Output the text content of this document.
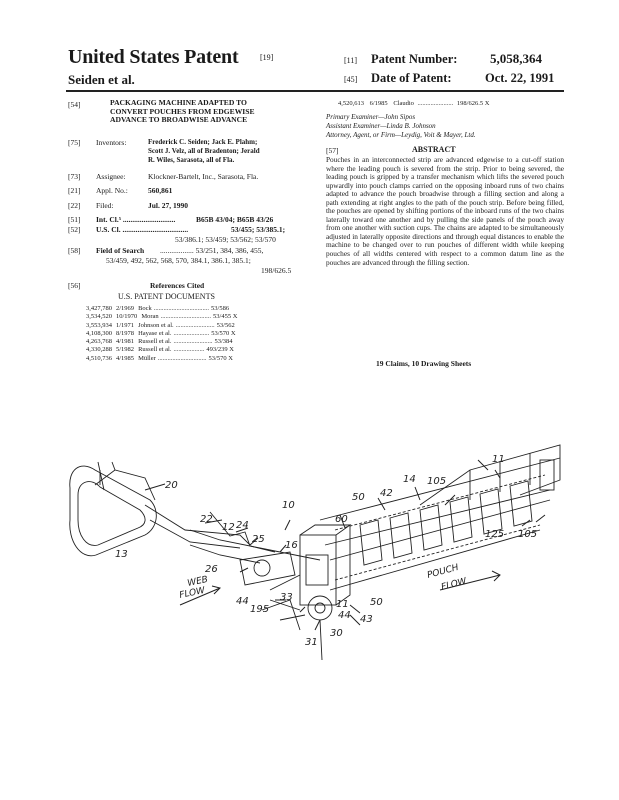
United States Patent	[19]
Seiden et al.
[11] Patent Number:	5,058,364
[45] Date of Patent:	Oct. 22, 1991
[54]	PACKAGING MACHINE ADAPTED TO
CONVERT POUCHES FROM EDGEWISE
ADVANCE TO BROADWISE ADVANCE
[75] Inventors:	Frederick C. Seiden; Jack E. Plahm;
Scott J. Velz, all of Bradenton; Jerald
R. Wiles, Sarasota, all of Fla.
[73] Assignee:	Klockner-Bartelt, Inc., Sarasota, Fla.
[21] Appl. No.:	560,861
[22] Filed:	Jul. 27, 1990
[51] Int. Cl.⁵ ............................	B65B 43/04; B65B 43/26
[52] U.S. Cl. ...................................	53/455; 53/385.1;
53/386.1; 53/459; 53/562; 53/570
[58] Field of Search .................. 53/251, 384, 386, 455,
53/459, 492, 562, 568, 570, 384.1, 386.1, 385.1;
198/626.5
[56]	References Cited
U.S. PATENT DOCUMENTS
3,427,780 2/1969 Bock .................................. 53/586
3,534,520 10/1970 Moran ............................... 53/455 X
3,553,934 1/1971 Johnson et al. ........................ 53/562
4,108,300 8/1978 Hayase et al. ...................... 53/570 X
4,263,768 4/1981 Russell et al. ........................ 53/384
4,330,288 5/1982 Russell et al. ................... 493/239 X
4,510,736 4/1985 Müller .............................. 53/570 X
4,520,613 6/1985 Claudio ...................... 198/626.5 X
Primary Examiner—John Sipos
Assistant Examiner—Linda B. Johnson
Attorney, Agent, or Firm—Leydig, Voit & Mayer, Ltd.
[57]	ABSTRACT
Pouches in an interconnected strip are advanced edgewise to a cut-off station where the leading pouch is severed from the strip. Prior to being severed, the leading pouch is gripped by a transfer mechanism which lifts the severed pouch upwardly into pouch clamps carried on the opposing inboard runs of two chains adapted to advance the pouch broadwise through a filling section and along a path extending at right angles to the path of the pouch strip. Before being filled, the pouches are opened by shifting portions of the inboard runs of the two chains laterally toward one another and by pulling the side panels of the pouch away from one another with suction cups. The chains are adapted to be simultaneously adjusted in laterally opposite directions and through equal distances to enable the machine to be changed over to run pouches of different width while keeping pouches of all widths centered with respect to a common datum line as the pouches are advanced through the filling section.
19 Claims, 10 Drawing Sheets
11
20
10
14 105
50 42
22
12 24
25
16
60
125 105
13
26
33
11
43
44
50
195
31
30
44
WEB
FLOW
POUCH
FLOW
